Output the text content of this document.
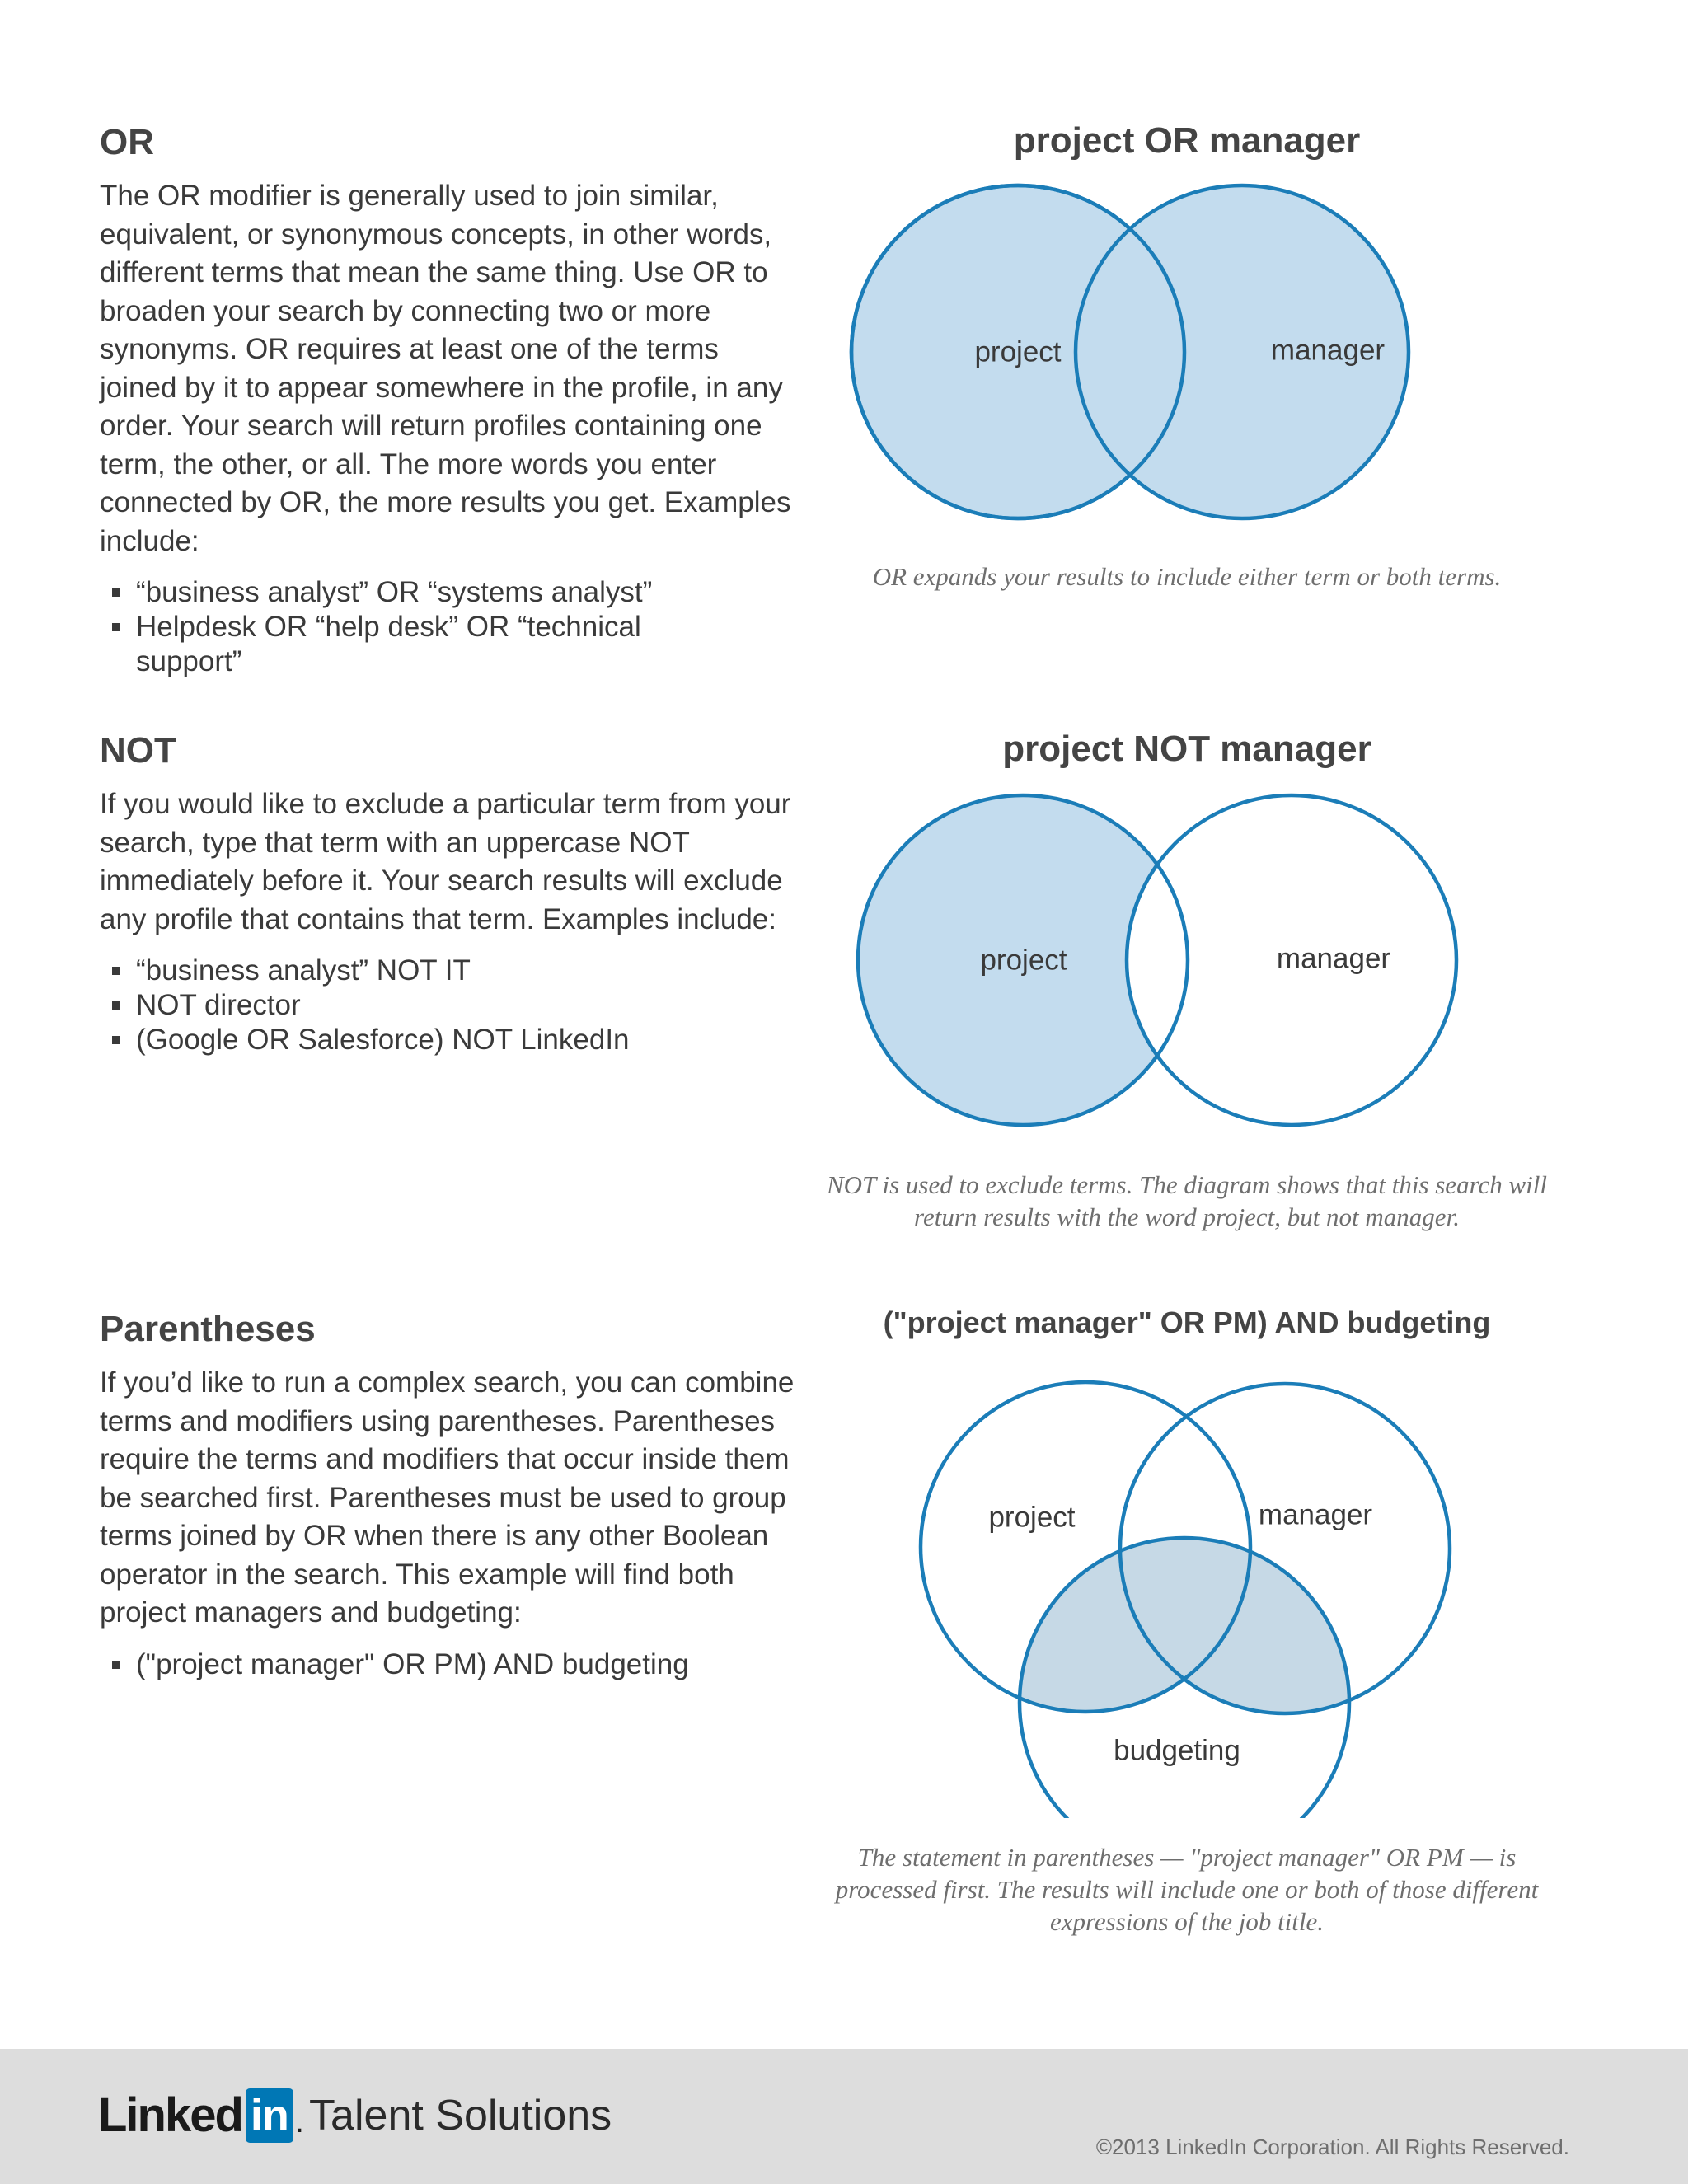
OR

The OR modifier is generally used to join similar, equivalent, or synonymous concepts, in other words, different terms that mean the same thing. Use OR to broaden your search by connecting two or more synonyms. OR requires at least one of the terms joined by it to appear somewhere in the profile, in any order. Your search will return profiles containing one term, the other, or all. The more words you enter connected by OR, the more results you get. Examples include:

“business analyst” OR “systems analyst”
Helpdesk OR “help desk” OR “technical support”
NOT

If you would like to exclude a particular term from your search, type that term with an uppercase NOT immediately before it. Your search results will exclude any profile that contains that term. Examples include:

“business analyst” NOT IT
NOT director
(Google OR Salesforce) NOT LinkedIn
Parentheses

If you’d like to run a complex search, you can combine terms and modifiers using parentheses. Parentheses require the terms and modifiers that occur inside them be searched first. Parentheses must be used to group terms joined by OR when there is any other Boolean operator in the search. This example will find both project managers and budgeting:

("project manager" OR PM) AND budgeting
project OR manager
project	manager
OR expands your results to include either term or both terms.
project NOT manager
project	manager
NOT is used to exclude terms. The diagram shows that this search will return results with the word project, but not manager.
("project manager" OR PM) AND budgeting
project	manager
budgeting
The statement in parentheses — "project manager" OR PM — is processed first. The results will include one or both of those different expressions of the job title.
Linked in . Talent Solutions
©2013 LinkedIn Corporation. All Rights Reserved.
